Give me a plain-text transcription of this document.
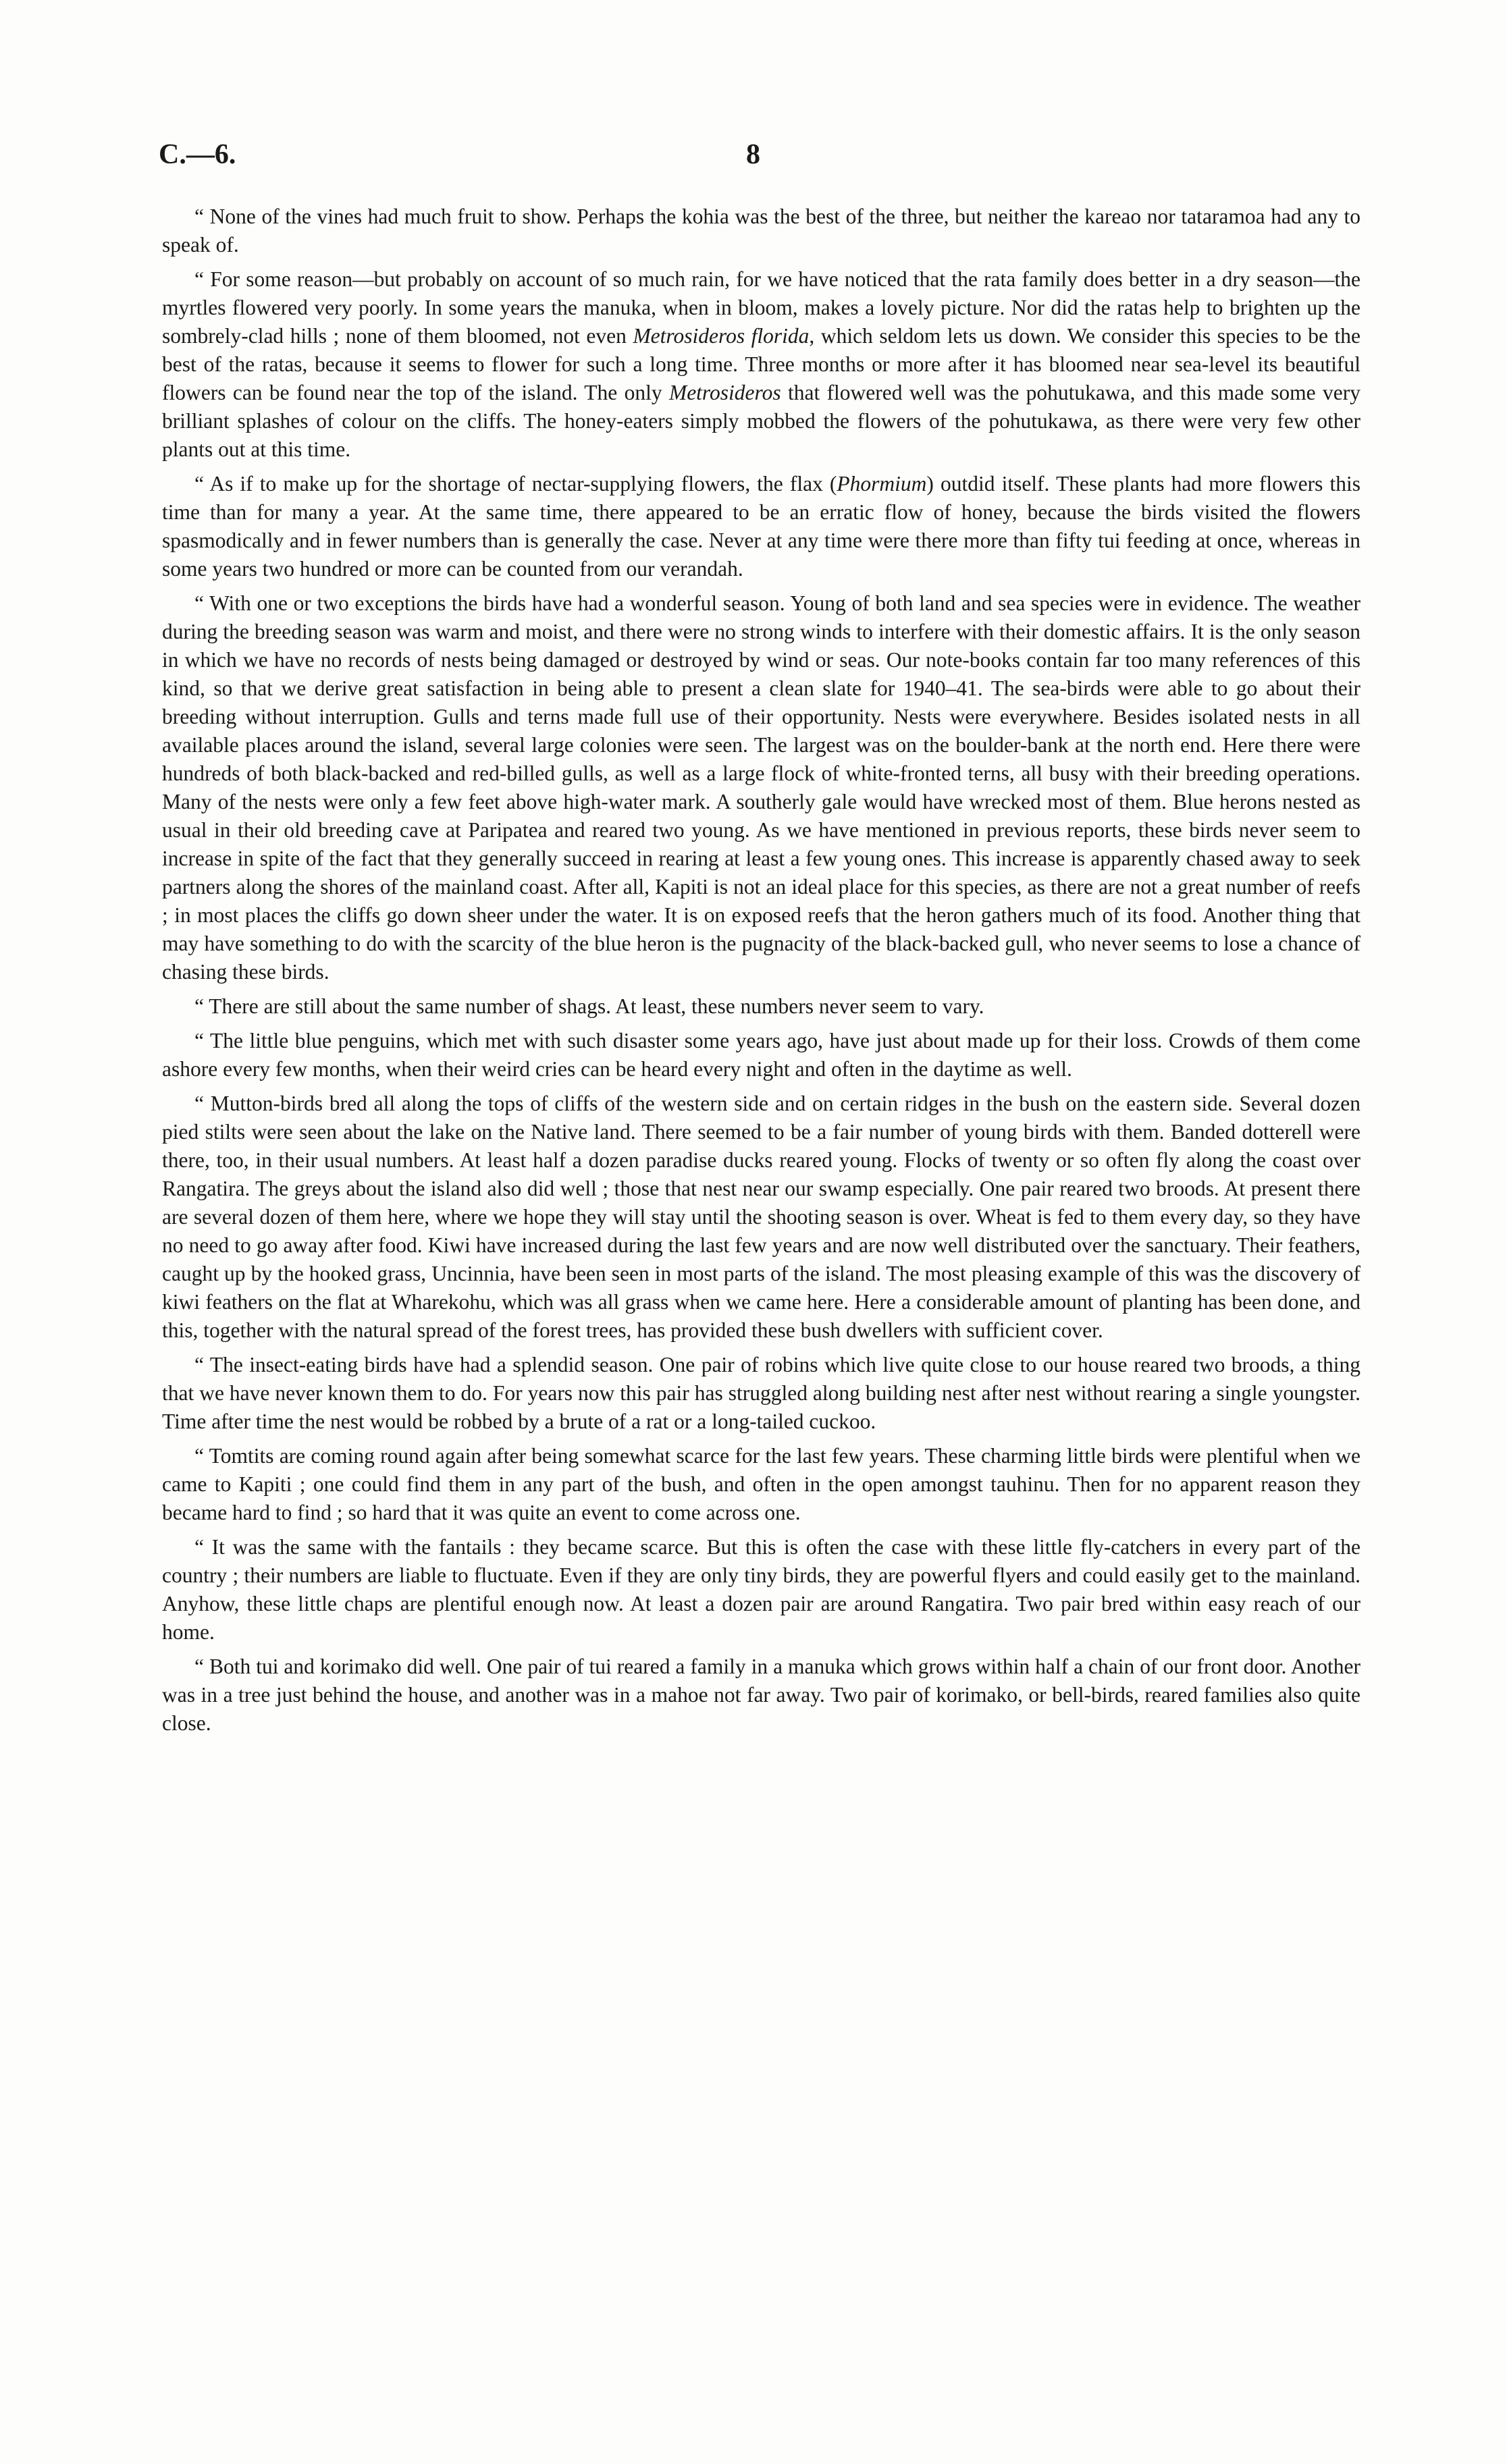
C.—6.	8

“ None of the vines had much fruit to show. Perhaps the kohia was the best of the three, but neither the kareao nor tataramoa had any to speak of.

“ For some reason—but probably on account of so much rain, for we have noticed that the rata family does better in a dry season—the myrtles flowered very poorly. In some years the manuka, when in bloom, makes a lovely picture. Nor did the ratas help to brighten up the sombrely-clad hills ; none of them bloomed, not even Metrosideros florida, which seldom lets us down. We consider this species to be the best of the ratas, because it seems to flower for such a long time. Three months or more after it has bloomed near sea-level its beautiful flowers can be found near the top of the island. The only Metrosideros that flowered well was the pohutukawa, and this made some very brilliant splashes of colour on the cliffs. The honey-eaters simply mobbed the flowers of the pohutukawa, as there were very few other plants out at this time.

“ As if to make up for the shortage of nectar-supplying flowers, the flax (Phormium) outdid itself. These plants had more flowers this time than for many a year. At the same time, there appeared to be an erratic flow of honey, because the birds visited the flowers spasmodically and in fewer numbers than is generally the case. Never at any time were there more than fifty tui feeding at once, whereas in some years two hundred or more can be counted from our verandah.

“ With one or two exceptions the birds have had a wonderful season. Young of both land and sea species were in evidence. The weather during the breeding season was warm and moist, and there were no strong winds to interfere with their domestic affairs. It is the only season in which we have no records of nests being damaged or destroyed by wind or seas. Our note-books contain far too many references of this kind, so that we derive great satisfaction in being able to present a clean slate for 1940–41. The sea-birds were able to go about their breeding without interruption. Gulls and terns made full use of their opportunity. Nests were everywhere. Besides isolated nests in all available places around the island, several large colonies were seen. The largest was on the boulder-bank at the north end. Here there were hundreds of both black-backed and red-billed gulls, as well as a large flock of white-fronted terns, all busy with their breeding operations. Many of the nests were only a few feet above high-water mark. A southerly gale would have wrecked most of them. Blue herons nested as usual in their old breeding cave at Paripatea and reared two young. As we have mentioned in previous reports, these birds never seem to increase in spite of the fact that they generally succeed in rearing at least a few young ones. This increase is apparently chased away to seek partners along the shores of the mainland coast. After all, Kapiti is not an ideal place for this species, as there are not a great number of reefs ; in most places the cliffs go down sheer under the water. It is on exposed reefs that the heron gathers much of its food. Another thing that may have something to do with the scarcity of the blue heron is the pugnacity of the black-backed gull, who never seems to lose a chance of chasing these birds.

“ There are still about the same number of shags. At least, these numbers never seem to vary.

“ The little blue penguins, which met with such disaster some years ago, have just about made up for their loss. Crowds of them come ashore every few months, when their weird cries can be heard every night and often in the daytime as well.

“ Mutton-birds bred all along the tops of cliffs of the western side and on certain ridges in the bush on the eastern side. Several dozen pied stilts were seen about the lake on the Native land. There seemed to be a fair number of young birds with them. Banded dotterell were there, too, in their usual numbers. At least half a dozen paradise ducks reared young. Flocks of twenty or so often fly along the coast over Rangatira. The greys about the island also did well ; those that nest near our swamp especially. One pair reared two broods. At present there are several dozen of them here, where we hope they will stay until the shooting season is over. Wheat is fed to them every day, so they have no need to go away after food. Kiwi have increased during the last few years and are now well distributed over the sanctuary. Their feathers, caught up by the hooked grass, Uncinnia, have been seen in most parts of the island. The most pleasing example of this was the discovery of kiwi feathers on the flat at Wharekohu, which was all grass when we came here. Here a considerable amount of planting has been done, and this, together with the natural spread of the forest trees, has provided these bush dwellers with sufficient cover.

“ The insect-eating birds have had a splendid season. One pair of robins which live quite close to our house reared two broods, a thing that we have never known them to do. For years now this pair has struggled along building nest after nest without rearing a single youngster. Time after time the nest would be robbed by a brute of a rat or a long-tailed cuckoo.

“ Tomtits are coming round again after being somewhat scarce for the last few years. These charming little birds were plentiful when we came to Kapiti ; one could find them in any part of the bush, and often in the open amongst tauhinu. Then for no apparent reason they became hard to find ; so hard that it was quite an event to come across one.

“ It was the same with the fantails : they became scarce. But this is often the case with these little fly-catchers in every part of the country ; their numbers are liable to fluctuate. Even if they are only tiny birds, they are powerful flyers and could easily get to the mainland. Anyhow, these little chaps are plentiful enough now. At least a dozen pair are around Rangatira. Two pair bred within easy reach of our home.

“ Both tui and korimako did well. One pair of tui reared a family in a manuka which grows within half a chain of our front door. Another was in a tree just behind the house, and another was in a mahoe not far away. Two pair of korimako, or bell-birds, reared families also quite close.
